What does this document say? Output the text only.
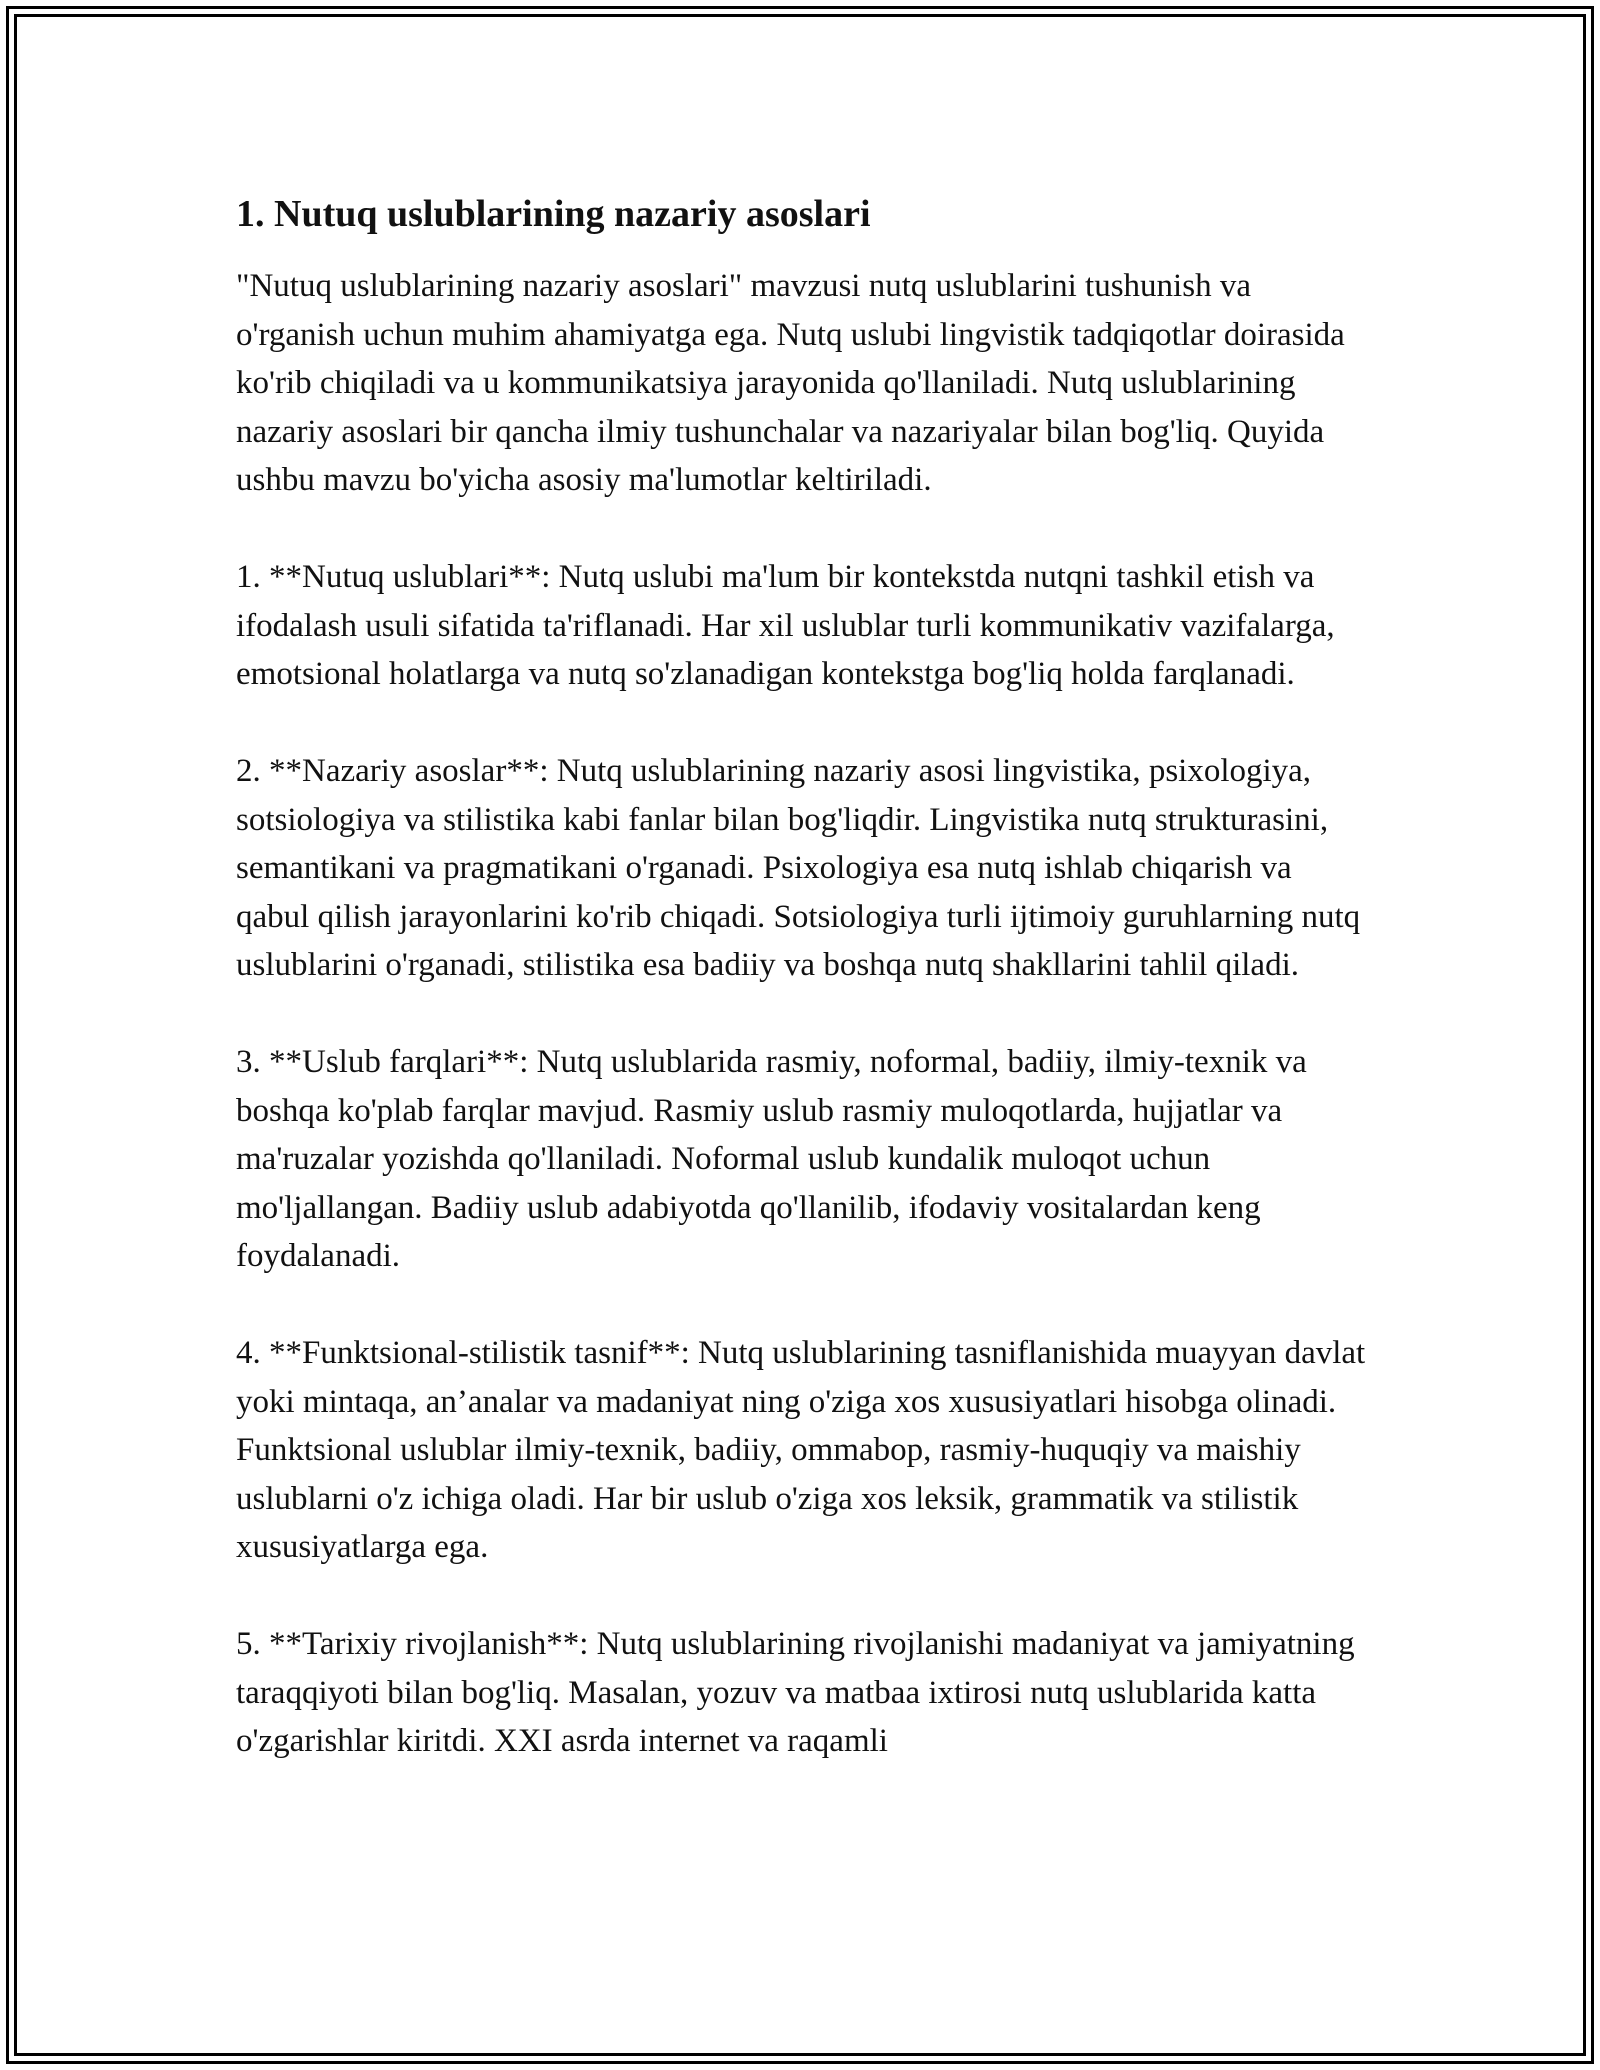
1. Nutuq uslublarining nazariy asoslari

"Nutuq uslublarining nazariy asoslari" mavzusi nutq uslublarini tushunish va o'rganish uchun muhim ahamiyatga ega. Nutq uslubi lingvistik tadqiqotlar doirasida ko'rib chiqiladi va u kommunikatsiya jarayonida qo'llaniladi. Nutq uslublarining nazariy asoslari bir qancha ilmiy tushunchalar va nazariyalar bilan bog'liq. Quyida ushbu mavzu bo'yicha asosiy ma'lumotlar keltiriladi.

1. **Nutuq uslublari**: Nutq uslubi ma'lum bir kontekstda nutqni tashkil etish va ifodalash usuli sifatida ta'riflanadi. Har xil uslublar turli kommunikativ vazifalarga, emotsional holatlarga va nutq so'zlanadigan kontekstga bog'liq holda farqlanadi.

2. **Nazariy asoslar**: Nutq uslublarining nazariy asosi lingvistika, psixologiya, sotsiologiya va stilistika kabi fanlar bilan bog'liqdir. Lingvistika nutq strukturasini, semantikani va pragmatikani o'rganadi. Psixologiya esa nutq ishlab chiqarish va qabul qilish jarayonlarini ko'rib chiqadi. Sotsiologiya turli ijtimoiy guruhlarning nutq uslublarini o'rganadi, stilistika esa badiiy va boshqa nutq shakllarini tahlil qiladi.

3. **Uslub farqlari**: Nutq uslublarida rasmiy, noformal, badiiy, ilmiy-texnik va boshqa ko'plab farqlar mavjud. Rasmiy uslub rasmiy muloqotlarda, hujjatlar va ma'ruzalar yozishda qo'llaniladi. Noformal uslub kundalik muloqot uchun mo'ljallangan. Badiiy uslub adabiyotda qo'llanilib, ifodaviy vositalardan keng foydalanadi.

4. **Funktsional-stilistik tasnif**: Nutq uslublarining tasniflanishida muayyan davlat yoki mintaqa, an’analar va madaniyat ning o'ziga xos xususiyatlari hisobga olinadi. Funktsional uslublar ilmiy-texnik, badiiy, ommabop, rasmiy-huquqiy va maishiy uslublarni o'z ichiga oladi. Har bir uslub o'ziga xos leksik, grammatik va stilistik xususiyatlarga ega.

5. **Tarixiy rivojlanish**: Nutq uslublarining rivojlanishi madaniyat va jamiyatning taraqqiyoti bilan bog'liq. Masalan, yozuv va matbaa ixtirosi nutq uslublarida katta o'zgarishlar kiritdi. XXI asrda internet va raqamli
